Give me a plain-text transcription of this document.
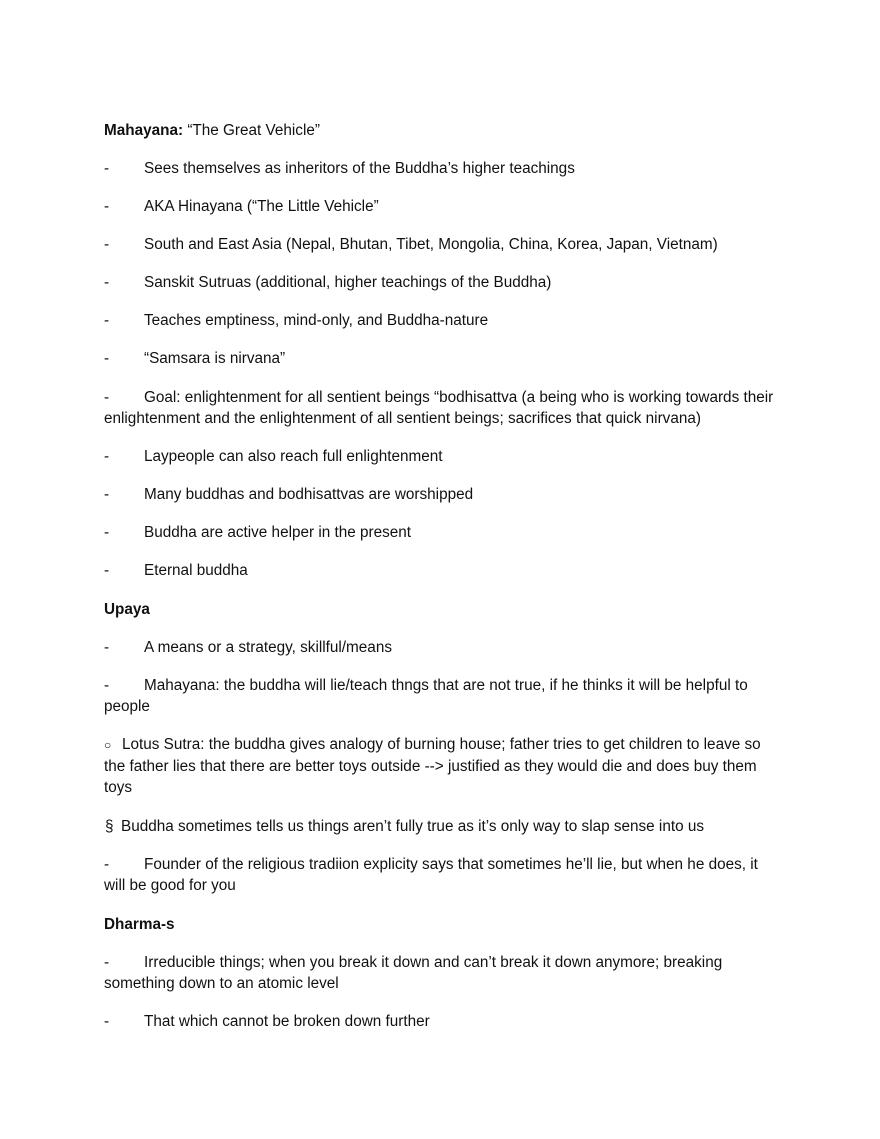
Mahayana: “The Great Vehicle”
- Sees themselves as inheritors of the Buddha’s higher teachings
- AKA Hinayana (“The Little Vehicle”
- South and East Asia (Nepal, Bhutan, Tibet, Mongolia, China, Korea, Japan, Vietnam)
- Sanskit Sutruas (additional, higher teachings of the Buddha)
- Teaches emptiness, mind-only, and Buddha-nature
- “Samsara is nirvana”
- Goal: enlightenment for all sentient beings “bodhisattva (a being who is working towards their enlightenment and the enlightenment of all sentient beings; sacrifices that quick nirvana)
- Laypeople can also reach full enlightenment
- Many buddhas and bodhisattvas are worshipped
- Buddha are active helper in the present
- Eternal buddha
Upaya
- A means or a strategy, skillful/means
- Mahayana: the buddha will lie/teach thngs that are not true, if he thinks it will be helpful to people
○ Lotus Sutra: the buddha gives analogy of burning house; father tries to get children to leave so the father lies that there are better toys outside --> justified as they would die and does buy them toys
§ Buddha sometimes tells us things aren’t fully true as it’s only way to slap sense into us
- Founder of the religious tradiion explicity says that sometimes he’ll lie, but when he does, it will be good for you
Dharma-s
- Irreducible things; when you break it down and can’t break it down anymore; breaking something down to an atomic level
- That which cannot be broken down further
